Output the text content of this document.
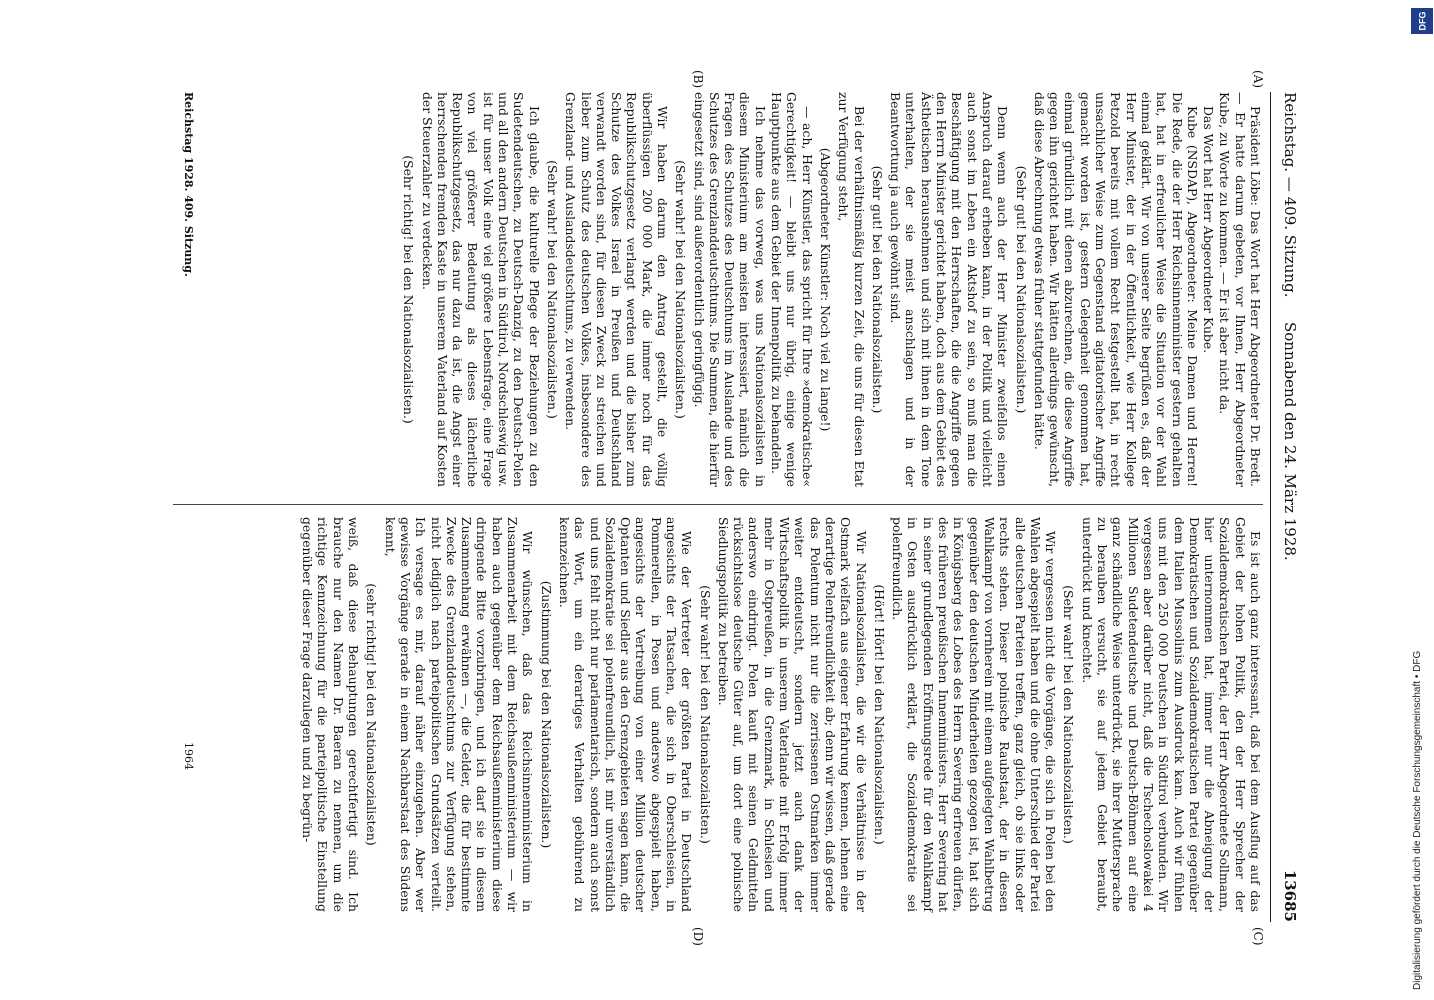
Reichstag. — 409. Sitzung.
Sonnabend den 24. März 1928.
13685
(A)
(B)
(C)
(D)

Präsident Löbe: Das Wort hat Herr Abgeordneter Dr. Bredt. — Er hatte darum gebeten, vor Ihnen, Herr Abgeordneter Kube, zu Worte zu kommen. — Er ist aber nicht da.

Das Wort hat Herr Abgeordneter Kube.

Kube (NSDAP), Abgeordneter: Meine Damen und Herren! Die Rede, die der Herr Reichsinnenminister gestern gehalten hat, hat in erfreulicher Weise die Situation vor der Wahl einmal geklärt. Wir von unserer Seite begrüßen es, daß der Herr Minister, der in der Öffentlichkeit, wie Herr Kollege Petzold bereits mit vollem Recht festgestellt hat, in recht unsachlicher Weise zum Gegenstand agitatorischer Angriffe gemacht worden ist, gestern Gelegenheit genommen hat, einmal gründlich mit denen abzurechnen, die diese Angriffe gegen ihn gerichtet haben. Wir hätten allerdings gewünscht, daß diese Abrechnung etwas früher stattgefunden hätte.

(Sehr gut! bei den Nationalsozialisten.)

Denn wenn auch der Herr Minister zweifellos einen Anspruch darauf erheben kann, in der Politik und vielleicht auch sonst im Leben ein Aktshof zu sein, so muß man die Beschäftigung mit den Herrschaften, die die Angriffe gegen den Herrn Minister gerichtet haben, doch aus dem Gebiet des Ästhetischen herausnehmen und sich mit ihnen in dem Tone unterhalten, der sie meist anschlagen und in der Beantwortung ja auch gewöhnt sind.

(Sehr gut! bei den Nationalsozialisten.)

Bei der verhältnismäßig kurzen Zeit, die uns für diesen Etat zur Verfügung steht,

(Abgeordneter Künstler: Noch viel zu lange!)

— ach, Herr Künstler, das spricht für Ihre »demokratische« Gerechtigkeit! — bleibt uns nur übrig, einige wenige Hauptpunkte aus dem Gebiet der Innenpolitik zu behandeln.

Ich nehme das vorweg, was uns Nationalsozialisten in diesem Ministerium am meisten interessiert, nämlich die Fragen des Schutzes des Deutschtums im Auslande und des Schutzes des Grenzlanddeutschtums. Die Summen, die hierfür eingesetzt sind, sind außerordentlich geringfügig.

(Sehr wahr! bei den Nationalsozialisten.)

Wir haben darum den Antrag gestellt, die völlig überflüssigen 200 000 Mark, die immer noch für das Republikschutzgesetz verlangt werden und die bisher zum Schutze des Volkes Israel in Preußen und Deutschland verwandt worden sind, für diesen Zweck zu streichen und lieber zum Schutz des deutschen Volkes, insbesondere des Grenzland- und Auslandsdeutschtums, zu verwenden.

(Sehr wahr! bei den Nationalsozialisten.)

Ich glaube, die kulturelle Pflege der Beziehungen zu den Sudetendeutschen, zu Deutsch-Danzig, zu den Deutsch-Polen und all den andern Deutschen in Südtirol, Nordschleswig usw. ist für unser Volk eine viel größere Lebensfrage, eine Frage von viel größerer Bedeutung als dieses lächerliche Republikschutzgesetz, das nur dazu da ist, die Angst einer herrschenden fremden Kaste in unserem Vaterland auf Kosten der Steuerzahler zu verdecken.

(Sehr richtig! bei den Nationalsozialisten.)

Es ist auch ganz interessant, daß bei dem Ausflug auf das Gebiet der hohen Politik, den der Herr Sprecher der Sozialdemokratischen Partei, der Herr Abgeordnete Sollmann, hier unternommen hat, immer nur die Abneigung der Demokratischen und Sozialdemokratischen Partei gegenüber dem Italien Mussolinis zum Ausdruck kam. Auch wir fühlen uns mit den 250 000 Deutschen in Südtirol verbunden. Wir vergessen aber darüber nicht, daß die Tschechoslowakei 4 Millionen Sudetendeutsche und Deutsch-Böhmen auf eine ganz schändliche Weise unterdrückt, sie ihrer Muttersprache zu berauben versucht, sie auf jedem Gebiet beraubt, unterdrückt und knechtet.

(Sehr wahr! bei den Nationalsozialisten.)

Wir vergessen nicht die Vorgänge, die sich in Polen bei den Wahlen abgespielt haben und die ohne Unterschied der Partei alle deutschen Parteien treffen, ganz gleich, ob sie links oder rechts stehen. Dieser polnische Raubstaat, der in diesen Wahlkampf von vornherein mit einem aufgelegten Wahlbetrug gegenüber den deutschen Minderheiten gezogen ist, hat sich in Königsberg des Lobes des Herrn Severing erfreuen dürfen, des früheren preußischen Innenministers. Herr Severing hat in seiner grundlegenden Eröffnungsrede für den Wahlkampf in Osten ausdrücklich erklärt, die Sozialdemokratie sei polenfreundlich.

(Hört! Hört! bei den Nationalsozialisten.)

Wir Nationalsozialisten, die wir die Verhältnisse in der Ostmark vielfach aus eigener Erfahrung kennen, lehnen eine derartige Polenfreundlichkeit ab; denn wir wissen, daß gerade das Polentum nicht nur die zerrissenen Ostmarken immer weiter entdeutscht, sondern jetzt auch dank der Wirtschaftspolitik in unserem Vaterlande mit Erfolg immer mehr in Ostpreußen, in die Grenzmark, in Schlesien und anderswo eindringt. Polen kauft mit seinen Geldmitteln rücksichtslose deutsche Güter auf, um dort eine polnische Siedlungspolitik zu betreiben.

(Sehr wahr! bei den Nationalsozialisten.)

Wie der Vertreter der größten Partei in Deutschland angesichts der Tatsachen, die sich in Oberschlesien, in Pommerellen, in Posen und anderswo abgespielt haben, angesichts der Vertreibung von einer Million deutscher Optanten und Siedler aus den Grenzgebieten sagen kann, die Sozialdemokratie sei polenfreundlich, ist mir unverständlich und uns fehlt nicht nur parlamentarisch, sondern auch sonst das Wort, um ein derartiges Verhalten gebührend zu kennzeichnen.

(Zustimmung bei den Nationalsozialisten.)

Wir wünschen, daß das Reichsinnenministerium in Zusammenarbeit mit dem Reichsaußenministerium — wir haben auch gegenüber dem Reichsaußenministerium diese dringende Bitte vorzubringen, und ich darf sie in diesem Zusammenhang erwähnen —, die Gelder, die für bestimmte Zwecke des Grenzlanddeutschtums zur Verfügung stehen, nicht lediglich nach parteipolitischen Grundsätzen verteilt. Ich versage es mir, darauf näher einzugehen. Aber wer gewisse Vorgänge gerade in einem Nachbarstaat des Südens kennt,

(sehr richtig! bei den Nationalsozialisten)

weiß, daß diese Behauptungen gerechtfertigt sind. Ich brauche nur den Namen Dr. Baeran zu nennen, um die richtige Kennzeichnung für die parteipolitische Einstellung gegenüber dieser Frage darzulegen und zu begrün-

Reichstag 1928. 409. Sitzung.
1964
DFG
Digitalisierung gefördert durch die Deutsche Forschungsgemeinschaft • DFG
